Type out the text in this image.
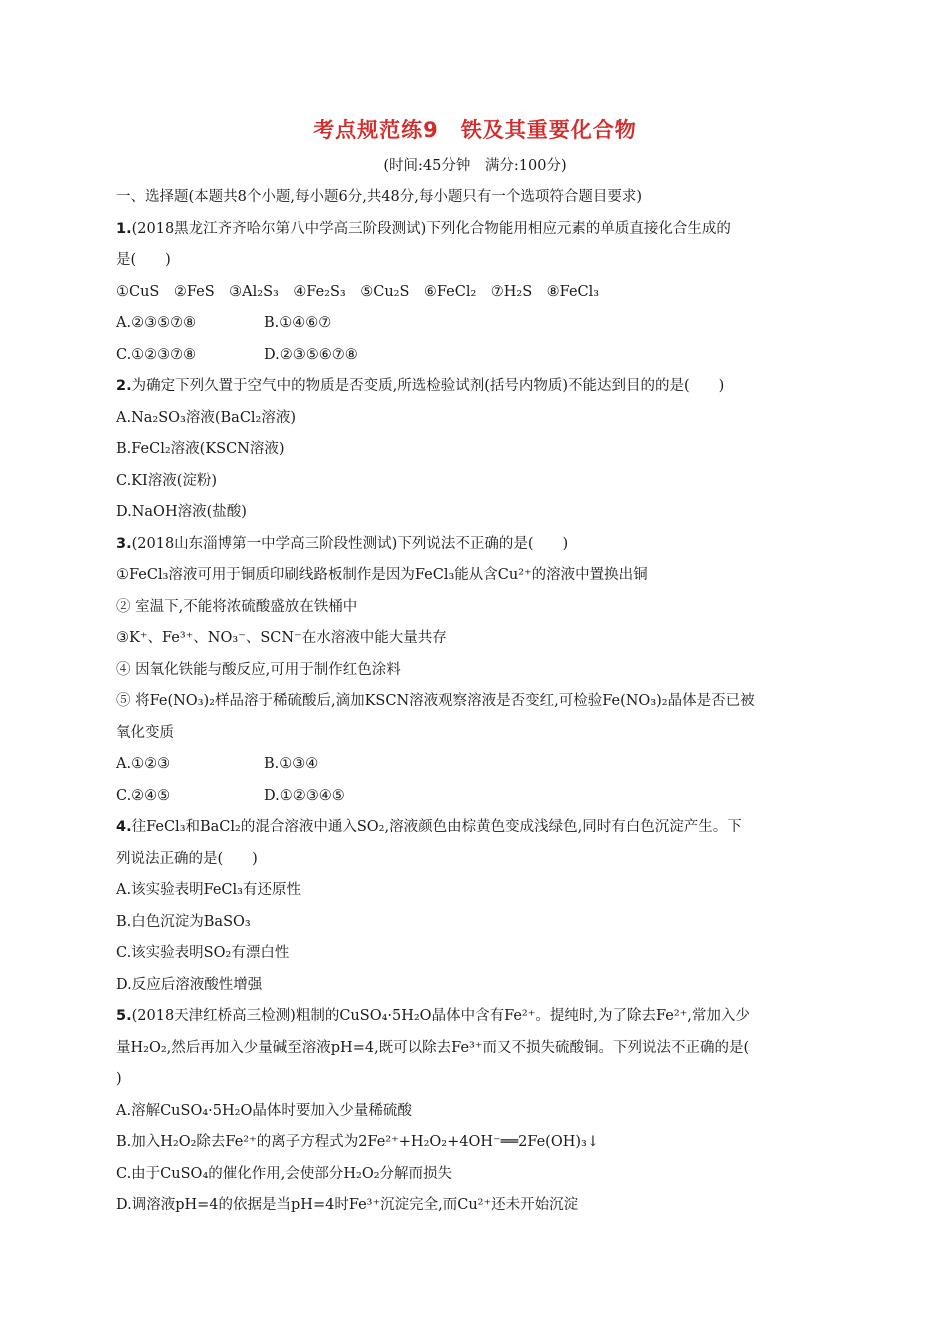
考点规范练9　铁及其重要化合物
(时间:45分钟　满分:100分)
一、选择题(本题共8个小题,每小题6分,共48分,每小题只有一个选项符合题目要求)
1.(2018黑龙江齐齐哈尔第八中学高三阶段测试)下列化合物能用相应元素的单质直接化合生成的
是(　　)
①CuS　②FeS　③Al₂S₃　④Fe₂S₃　⑤Cu₂S　⑥FeCl₂　⑦H₂S　⑧FeCl₃
A.②③⑤⑦⑧	B.①④⑥⑦
C.①②③⑦⑧	D.②③⑤⑥⑦⑧
2.为确定下列久置于空气中的物质是否变质,所选检验试剂(括号内物质)不能达到目的的是(　　)
A.Na₂SO₃溶液(BaCl₂溶液)
B.FeCl₂溶液(KSCN溶液)
C.KI溶液(淀粉)
D.NaOH溶液(盐酸)
3.(2018山东淄博第一中学高三阶段性测试)下列说法不正确的是(　　)
①FeCl₃溶液可用于铜质印刷线路板制作是因为FeCl₃能从含Cu²⁺的溶液中置换出铜
② 室温下,不能将浓硫酸盛放在铁桶中
③K⁺、Fe³⁺、NO₃⁻、SCN⁻在水溶液中能大量共存
④ 因氧化铁能与酸反应,可用于制作红色涂料
⑤ 将Fe(NO₃)₂样品溶于稀硫酸后,滴加KSCN溶液观察溶液是否变红,可检验Fe(NO₃)₂晶体是否已被
氧化变质
A.①②③	B.①③④
C.②④⑤	D.①②③④⑤
4.往FeCl₃和BaCl₂的混合溶液中通入SO₂,溶液颜色由棕黄色变成浅绿色,同时有白色沉淀产生。下
列说法正确的是(　　)
A.该实验表明FeCl₃有还原性
B.白色沉淀为BaSO₃
C.该实验表明SO₂有漂白性
D.反应后溶液酸性增强
5.(2018天津红桥高三检测)粗制的CuSO₄·5H₂O晶体中含有Fe²⁺。提纯时,为了除去Fe²⁺,常加入少
量H₂O₂,然后再加入少量碱至溶液pH=4,既可以除去Fe³⁺而又不损失硫酸铜。下列说法不正确的是(
)
A.溶解CuSO₄·5H₂O晶体时要加入少量稀硫酸
B.加入H₂O₂除去Fe²⁺的离子方程式为2Fe²⁺+H₂O₂+4OH⁻══2Fe(OH)₃↓
C.由于CuSO₄的催化作用,会使部分H₂O₂分解而损失
D.调溶液pH=4的依据是当pH=4时Fe³⁺沉淀完全,而Cu²⁺还未开始沉淀
